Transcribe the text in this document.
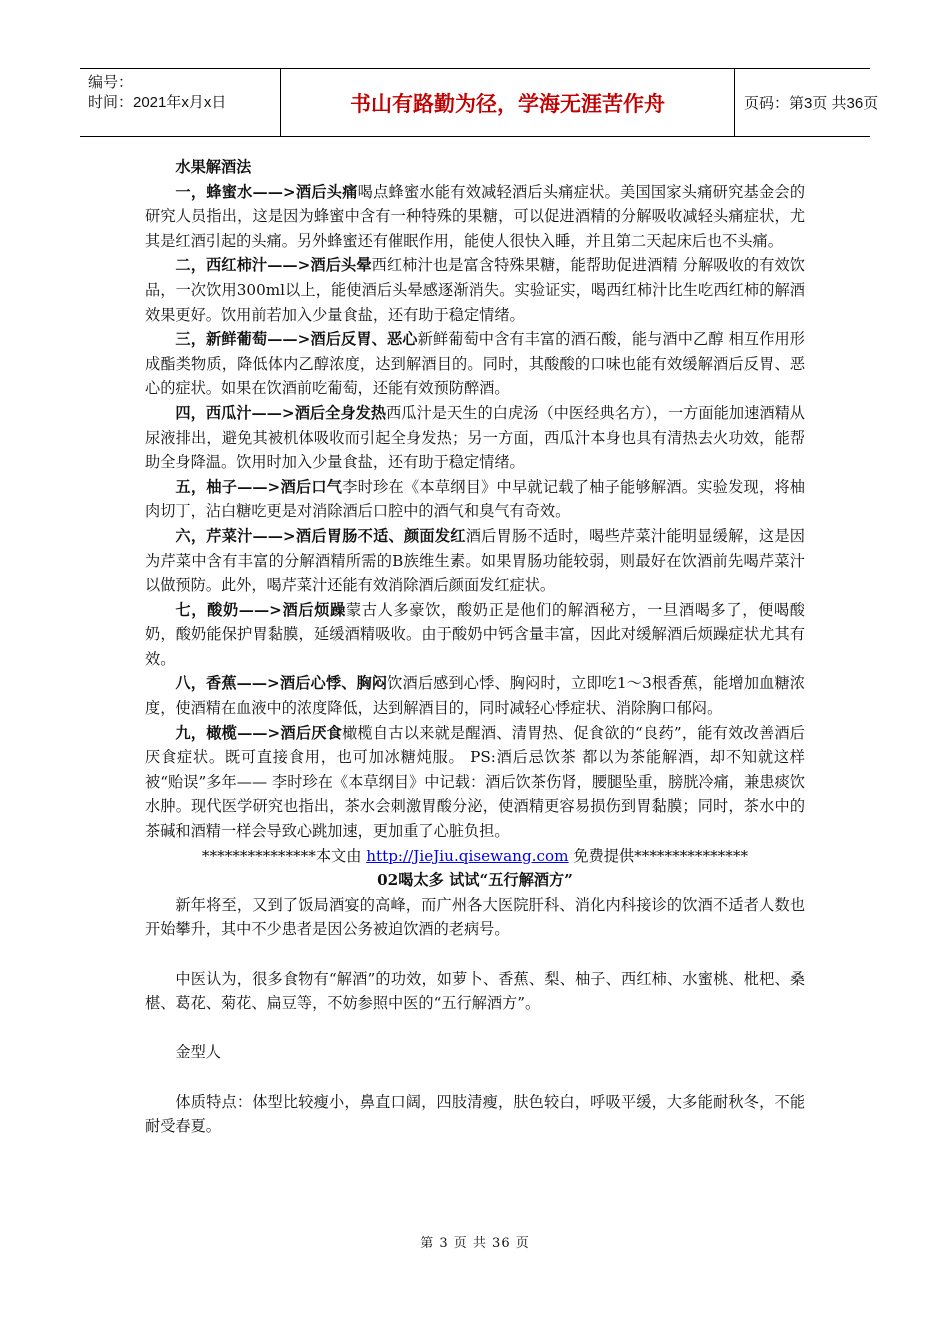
编号：
时间：2021年x月x日	书山有路勤为径，学海无涯苦作舟	页码：第3页 共36页

水果解酒法

一，蜂蜜水——>酒后头痛喝点蜂蜜水能有效减轻酒后头痛症状。美国国家头痛研究基金会的研究人员指出，这是因为蜂蜜中含有一种特殊的果糖，可以促进酒精的分解吸收减轻头痛症状，尤其是红酒引起的头痛。另外蜂蜜还有催眠作用，能使人很快入睡，并且第二天起床后也不头痛。

二，西红柿汁——>酒后头晕西红柿汁也是富含特殊果糖，能帮助促进酒精 分解吸收的有效饮品，一次饮用300ml以上，能使酒后头晕感逐渐消失。实验证实，喝西红柿汁比生吃西红柿的解酒效果更好。饮用前若加入少量食盐，还有助于稳定情绪。

三，新鲜葡萄——>酒后反胃、恶心新鲜葡萄中含有丰富的酒石酸，能与酒中乙醇 相互作用形成酯类物质，降低体内乙醇浓度，达到解酒目的。同时，其酸酸的口味也能有效缓解酒后反胃、恶心的症状。如果在饮酒前吃葡萄，还能有效预防醉酒。

四，西瓜汁——>酒后全身发热西瓜汁是天生的白虎汤（中医经典名方），一方面能加速酒精从尿液排出，避免其被机体吸收而引起全身发热；另一方面，西瓜汁本身也具有清热去火功效，能帮助全身降温。饮用时加入少量食盐，还有助于稳定情绪。

五，柚子——>酒后口气李时珍在《本草纲目》中早就记载了柚子能够解酒。实验发现，将柚肉切丁，沾白糖吃更是对消除酒后口腔中的酒气和臭气有奇效。

六，芹菜汁——>酒后胃肠不适、颜面发红酒后胃肠不适时，喝些芹菜汁能明显缓解，这是因为芹菜中含有丰富的分解酒精所需的B族维生素。如果胃肠功能较弱，则最好在饮酒前先喝芹菜汁以做预防。此外，喝芹菜汁还能有效消除酒后颜面发红症状。

七，酸奶——>酒后烦躁蒙古人多豪饮，酸奶正是他们的解酒秘方，一旦酒喝多了，便喝酸奶，酸奶能保护胃黏膜，延缓酒精吸收。由于酸奶中钙含量丰富，因此对缓解酒后烦躁症状尤其有效。

八，香蕉——>酒后心悸、胸闷饮酒后感到心悸、胸闷时，立即吃1～3根香蕉，能增加血糖浓度，使酒精在血液中的浓度降低，达到解酒目的，同时减轻心悸症状、消除胸口郁闷。

九，橄榄——>酒后厌食橄榄自古以来就是醒酒、清胃热、促食欲的“良药”，能有效改善酒后厌食症状。既可直接食用，也可加冰糖炖服。 PS:酒后忌饮茶 都以为茶能解酒，却不知就这样被“贻误”多年—— 李时珍在《本草纲目》中记载：酒后饮茶伤肾，腰腿坠重，膀胱冷痛，兼患痰饮水肿。现代医学研究也指出，茶水会刺激胃酸分泌，使酒精更容易损伤到胃黏膜；同时，茶水中的茶碱和酒精一样会导致心跳加速，更加重了心脏负担。

***************本文由 http://JieJiu.qisewang.com 免费提供***************

02喝太多 试试“五行解酒方”

新年将至，又到了饭局酒宴的高峰，而广州各大医院肝科、消化内科接诊的饮酒不适者人数也开始攀升，其中不少患者是因公务被迫饮酒的老病号。

中医认为，很多食物有“解酒”的功效，如萝卜、香蕉、梨、柚子、西红柿、水蜜桃、枇杷、桑椹、葛花、菊花、扁豆等，不妨参照中医的“五行解酒方”。

金型人

体质特点：体型比较瘦小，鼻直口阔，四肢清瘦，肤色较白，呼吸平缓，大多能耐秋冬，不能耐受春夏。

第 3 页 共 36 页
